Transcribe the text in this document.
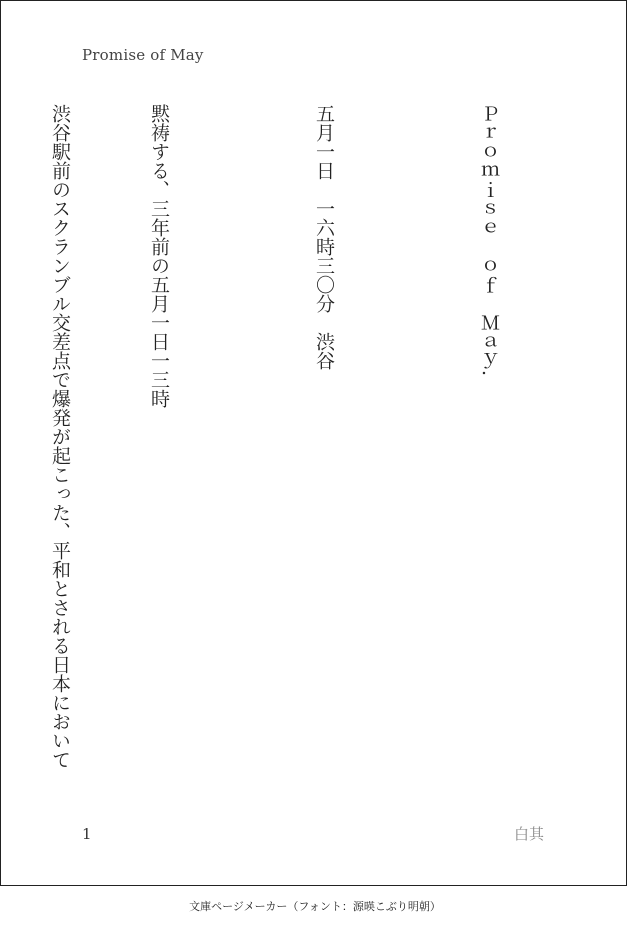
Promise of May

Ｐｒｏｍｉｓｅ　ｏｆ　Ｍａｙ.

五月一日　一六時三〇分　渋谷

黙祷する、三年前の五月一日一三時

渋谷駅前のスクランブル交差点で爆発が起こった、平和とされる日本において

1	白其
文庫ページメーカー（フォント：源暎こぶり明朝）
